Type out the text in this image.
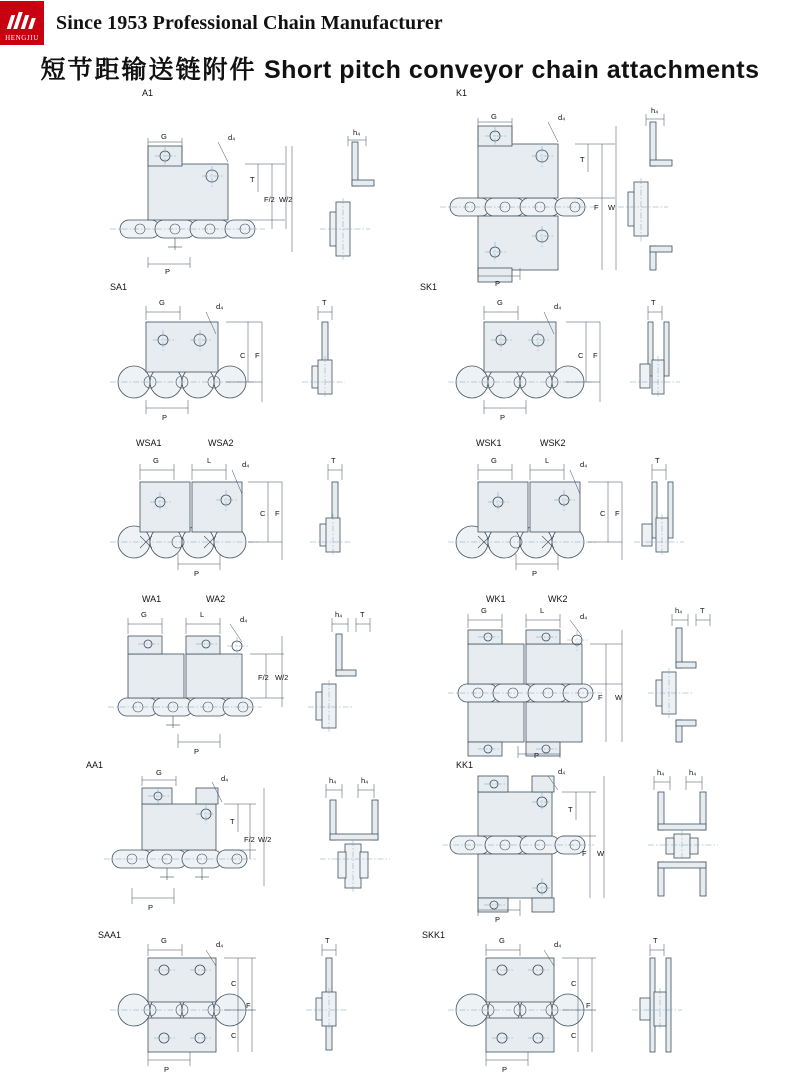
HENGJIU
Since 1953 Professional Chain Manufacturer
短节距输送链附件 Short pitch conveyor chain attachments
A1
G	d₄
T
F/2 W/2
P
h₄
K1
G	d₄
T
F W
P
h₄
SA1
G	d₄
C F
P
T
SK1
G	d₄
C F
P
T
WSA1	WSA2
G	L	d₄
C F
P
T
WSK1	WSK2
G	L	d₄
C F
P
T
WA1	WA2
G	L
d₄
F/2 W/2
P
h₄ T
WK1	WK2
G	L
d₄
F W
P
h₄ T
AA1
G
d₄
T
F/2 W/2
P
h₄	h₄
KK1
d₄
T
F W
P
h₄	h₄
SAA1
G	d₄
C
C
F
P
T
SKK1
G	d₄
C
C
F
P
T
